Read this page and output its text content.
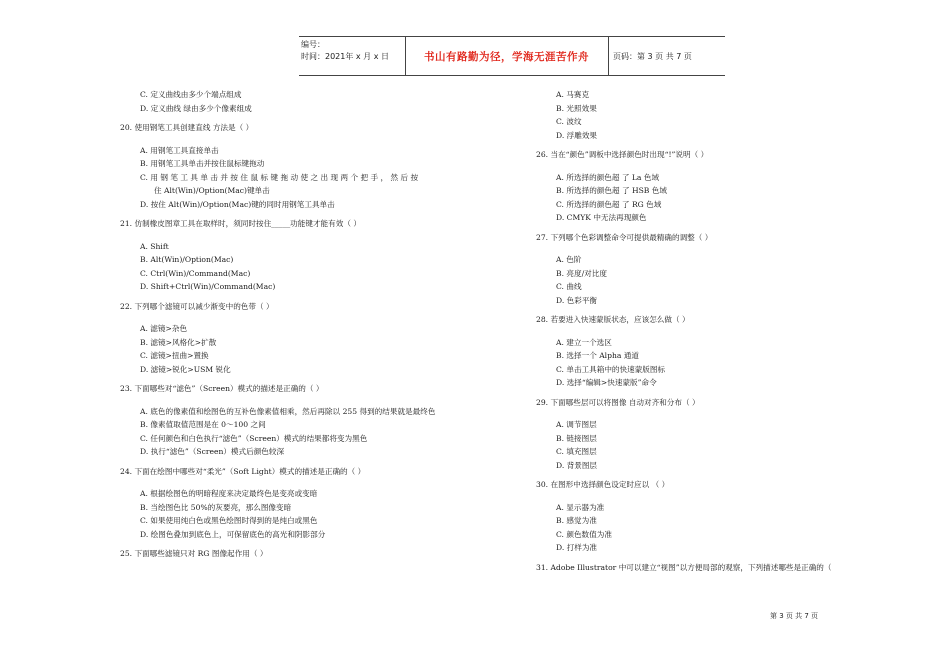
编号：
时间：2021年 x 月 x 日	书山有路勤为径，学海无涯苦作舟	页码：第 3 页 共 7 页
C. 定义曲线由多少个端点组成
D. 定义曲线 绿由多少个像素组成
20. 使用钢笔工具创建直线 方法是（ ）
A. 用钢笔工具直接单击
B. 用钢笔工具单击并按住鼠标键拖动
C. 用 钢 笔 工 具 单 击 并 按 住 鼠 标 键 拖 动 使 之 出 现 两 个 把 手 ， 然 后 按
住 Alt(Win)/Option(Mac)键单击
D. 按住 Alt(Win)/Option(Mac)键的同时用钢笔工具单击
21. 仿制橡皮图章工具在取样时，须同时按住_____功能键才能有效（ ）
A. Shift
B. Alt(Win)/Option(Mac)
C. Ctrl(Win)/Command(Mac)
D. Shift+Ctrl(Win)/Command(Mac)
22. 下列哪个滤镜可以减少渐变中的色带（ ）
A. 滤镜>杂色
B. 滤镜>风格化>扩散
C. 滤镜>扭曲>置换
D. 滤镜>锐化>USM 锐化
23. 下面哪些对“滤色”（Screen）模式的描述是正确的（ ）
A. 底色的像素值和绘图色的互补色像素值相乘，然后再除以 255 得到的结果就是最终色
B. 像素值取值范围是在 0～100 之间
C. 任何颜色和白色执行“滤色”（Screen）模式的结果都将变为黑色
D. 执行“滤色”（Screen）模式后颜色较深
24. 下面在绘图中哪些对“柔光”（Soft Light）模式的描述是正确的（ ）
A. 根据绘图色的明暗程度来决定最终色是变亮或变暗
B. 当绘图色比 50%的灰要亮，那么图像变暗
C. 如果使用纯白色或黑色绘图时得到的是纯白或黑色
D. 绘图色叠加到底色上，可保留底色的高光和阴影部分
25. 下面哪些滤镜只对 RG 图像起作用（ ）
A. 马赛克
B. 光照效果
C. 波纹
D. 浮雕效果
26. 当在“颜色”调板中选择颜色时出现“!”说明（ ）
A. 所选择的颜色超 了 La 色域
B. 所选择的颜色超 了 HSB 色域
C. 所选择的颜色超 了 RG 色域
D. CMYK 中无法再现颜色
27. 下列哪个色彩调整命令可提供最精确的调整（ ）
A. 色阶
B. 亮度/对比度
C. 曲线
D. 色彩平衡
28. 若要进入快速蒙版状态，应该怎么做（ ）
A. 建立一个选区
B. 选择一个 Alpha 通道
C. 单击工具箱中的快速蒙版图标
D. 选择“编辑>快速蒙版”命令
29. 下面哪些层可以将图像 自动对齐和分布（ ）
A. 调节图层
B. 链接图层
C. 填充图层
D. 背景图层
30. 在图形中选择颜色设定时应以 （ ）
A. 显示器为准
B. 感觉为准
C. 颜色数值为准
D. 打样为准
31. Adobe Illustrator 中可以建立“视图”以方便局部的观察，下列描述哪些是正确的（
第 3 页 共 7 页
